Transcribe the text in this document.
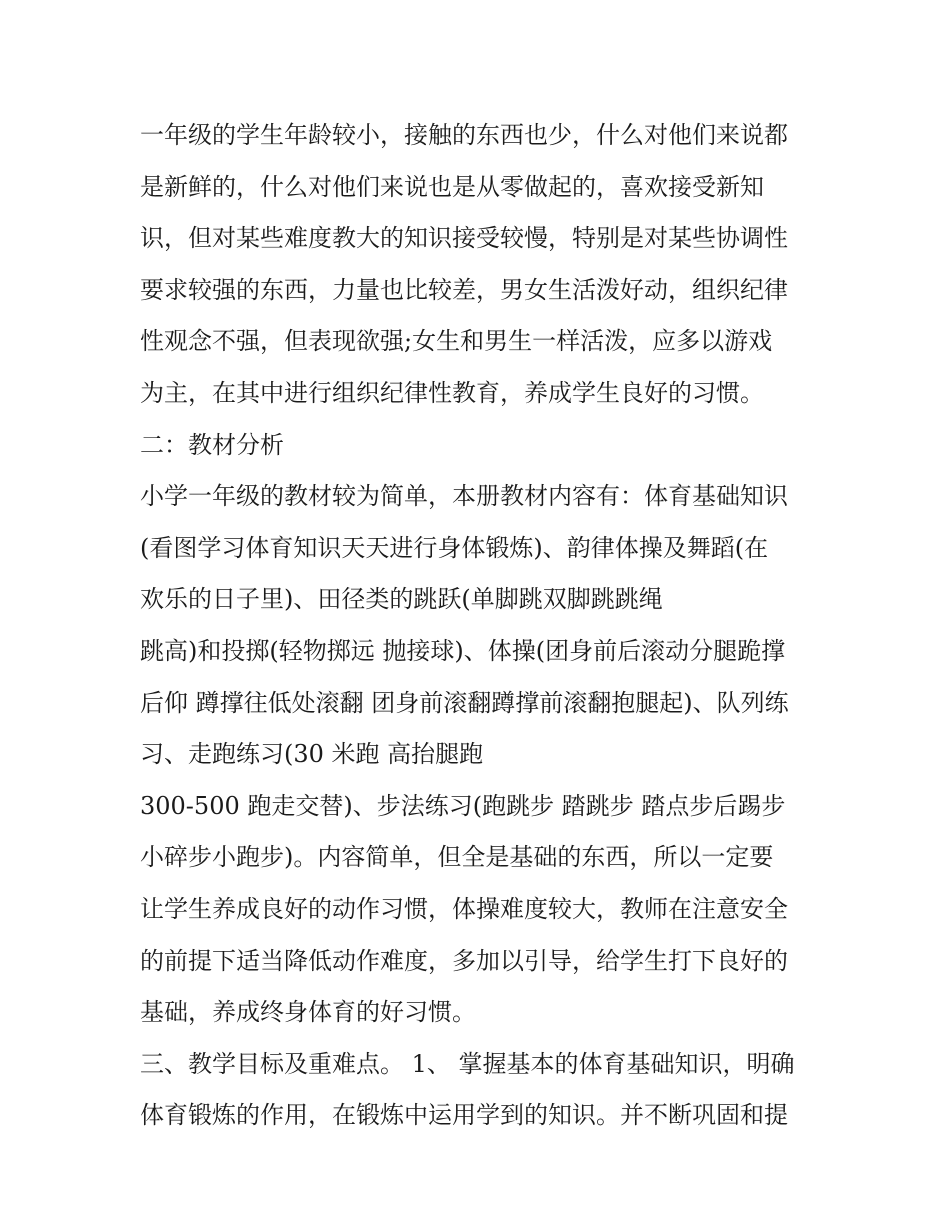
一年级的学生年龄较小，接触的东西也少，什么对他们来说都
是新鲜的，什么对他们来说也是从零做起的，喜欢接受新知
识，但对某些难度教大的知识接受较慢，特别是对某些协调性
要求较强的东西，力量也比较差，男女生活泼好动，组织纪律
性观念不强，但表现欲强;女生和男生一样活泼，应多以游戏
为主，在其中进行组织纪律性教育，养成学生良好的习惯。
二：教材分析
小学一年级的教材较为简单，本册教材内容有：体育基础知识
(看图学习体育知识天天进行身体锻炼)、韵律体操及舞蹈(在
欢乐的日子里)、田径类的跳跃(单脚跳双脚跳跳绳
跳高)和投掷(轻物掷远 抛接球)、体操(团身前后滚动分腿跪撑
后仰 蹲撑往低处滚翻 团身前滚翻蹲撑前滚翻抱腿起)、队列练
习、走跑练习(30 米跑 高抬腿跑
300-500 跑走交替)、步法练习(跑跳步 踏跳步 踏点步后踢步
小碎步小跑步)。内容简单，但全是基础的东西，所以一定要
让学生养成良好的动作习惯，体操难度较大，教师在注意安全
的前提下适当降低动作难度，多加以引导，给学生打下良好的
基础，养成终身体育的好习惯。
三、教学目标及重难点。 1、 掌握基本的体育基础知识，明确
体育锻炼的作用，在锻炼中运用学到的知识。并不断巩固和提
